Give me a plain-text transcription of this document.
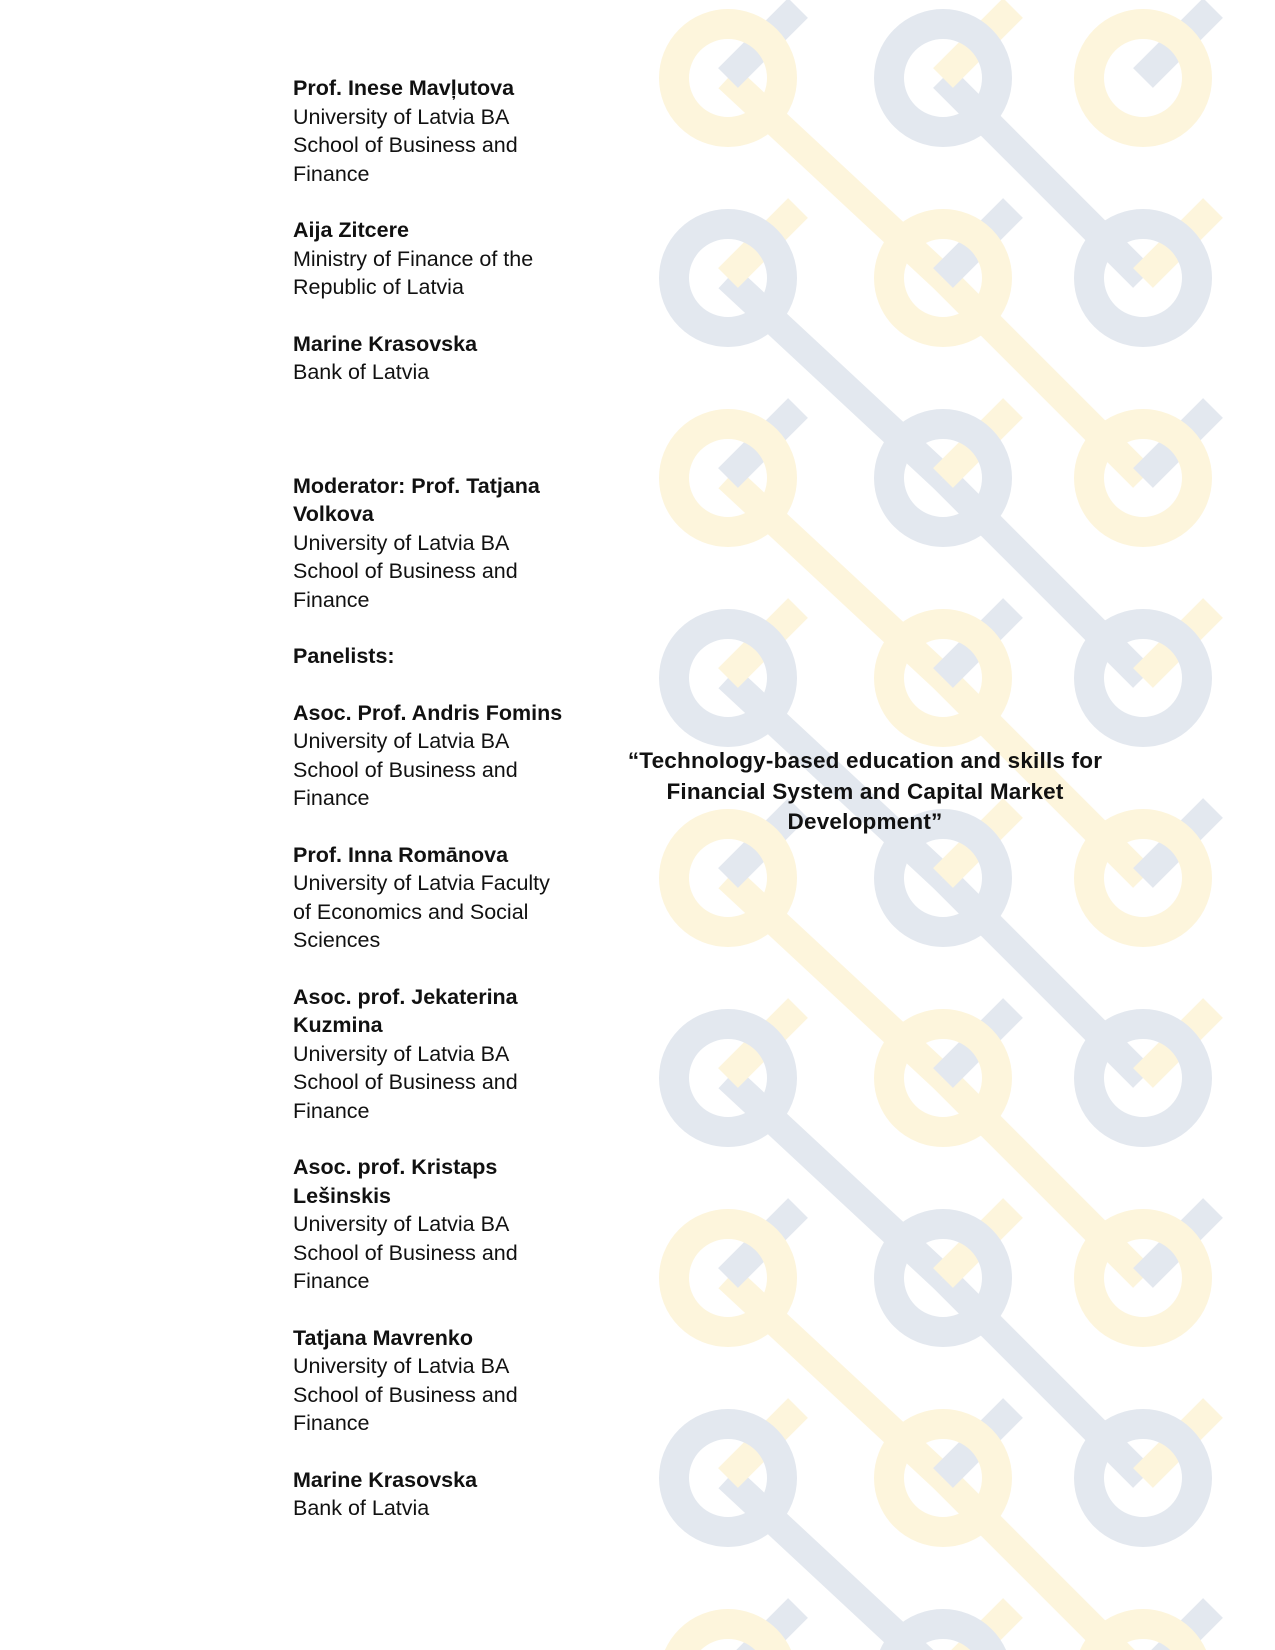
Prof. Inese Mavļutova
University of Latvia BA
School of Business and
Finance
Aija Zitcere
Ministry of Finance of the
Republic of Latvia
Marine Krasovska
Bank of Latvia
Moderator: Prof. Tatjana
Volkova
University of Latvia BA
School of Business and
Finance
Panelists:
Asoc. Prof. Andris Fomins
University of Latvia BA
School of Business and
Finance
Prof. Inna Romānova
University of Latvia Faculty
of Economics and Social
Sciences
Asoc. prof. Jekaterina
Kuzmina
University of Latvia BA
School of Business and
Finance
Asoc. prof. Kristaps
Lešinskis
University of Latvia BA
School of Business and
Finance
Tatjana Mavrenko
University of Latvia BA
School of Business and
Finance
Marine Krasovska
Bank of Latvia
“Technology-based education and skills for
Financial System and Capital Market
Development”
